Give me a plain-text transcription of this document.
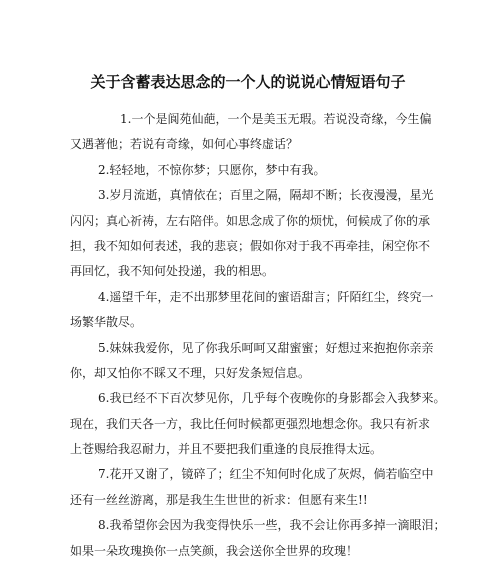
关于含蓄表达思念的一个人的说说心情短语句子
1.一个是阆苑仙葩，一个是美玉无瑕。若说没奇缘，今生偏
又遇著他；若说有奇缘，如何心事终虚话？
2.轻轻地，不惊你梦；只愿你，梦中有我。
3.岁月流逝，真情依在；百里之隔，隔却不断；长夜漫漫，星光
闪闪；真心祈祷，左右陪伴。如思念成了你的烦忧，何候成了你的承
担，我不知如何表述，我的悲哀；假如你对于我不再牵挂，闲空你不
再回忆，我不知何处投递，我的相思。
4.遥望千年，走不出那梦里花间的蜜语甜言；阡陌红尘，终究一
场繁华散尽。
5.妹妹我爱你，见了你我乐呵呵又甜蜜蜜；好想过来抱抱你亲亲
你，却又怕你不睬又不理，只好发条短信息。
6.我已经不下百次梦见你，几乎每个夜晚你的身影都会入我梦来。
现在，我们天各一方，我比任何时候都更强烈地想念你。我只有祈求
上苍赐给我忍耐力，并且不要把我们重逢的良辰推得太远。
7.花开又谢了，镜碎了；红尘不知何时化成了灰烬，倘若临空中
还有一丝丝游离，那是我生生世世的祈求：但愿有来生!!
8.我希望你会因为我变得快乐一些，我不会让你再多掉一滴眼泪；
如果一朵玫瑰换你一点笑颜，我会送你全世界的玫瑰！
